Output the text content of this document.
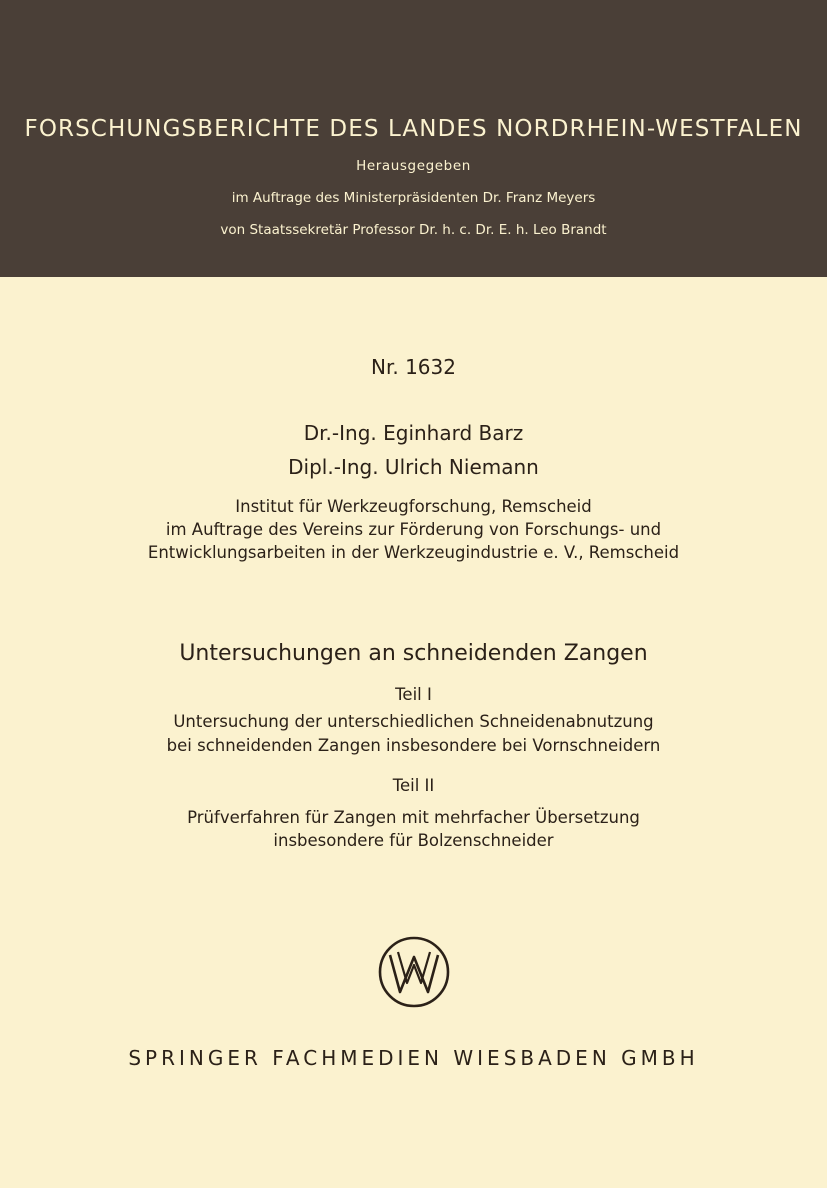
FORSCHUNGSBERICHTE DES LANDES NORDRHEIN-WESTFALEN
Herausgegeben
im Auftrage des Ministerpräsidenten Dr. Franz Meyers
von Staatssekretär Professor Dr. h. c. Dr. E. h. Leo Brandt
Nr. 1632
Dr.-Ing. Eginhard Barz
Dipl.-Ing. Ulrich Niemann
Institut für Werkzeugforschung, Remscheid
im Auftrage des Vereins zur Förderung von Forschungs- und
Entwicklungsarbeiten in der Werkzeugindustrie e. V., Remscheid
Untersuchungen an schneidenden Zangen
Teil I
Untersuchung der unterschiedlichen Schneidenabnutzung
bei schneidenden Zangen insbesondere bei Vornschneidern
Teil II
Prüfverfahren für Zangen mit mehrfacher Übersetzung
insbesondere für Bolzenschneider
SPRINGER FACHMEDIEN WIESBADEN GMBH
